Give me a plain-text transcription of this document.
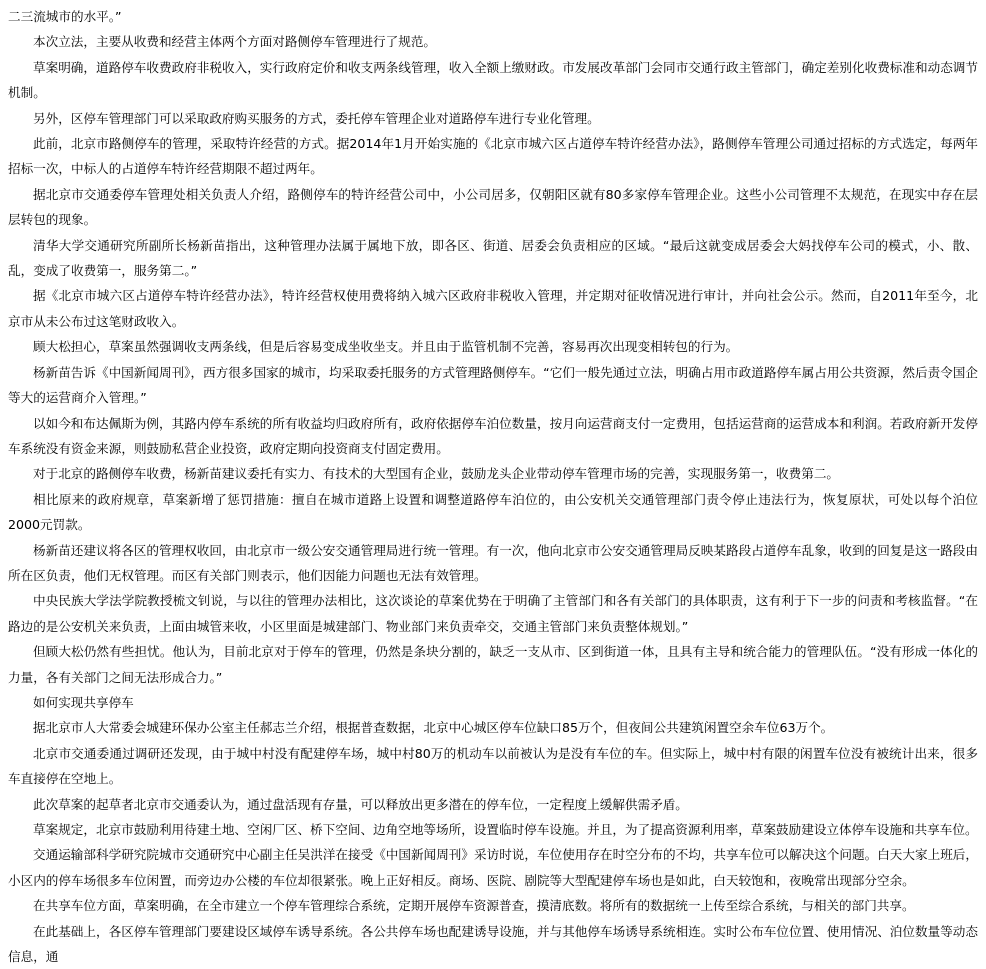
二三流城市的水平。”

本次立法，主要从收费和经营主体两个方面对路侧停车管理进行了规范。

草案明确，道路停车收费政府非税收入，实行政府定价和收支两条线管理，收入全额上缴财政。市发展改革部门会同市交通行政主管部门，确定差别化收费标准和动态调节机制。

另外，区停车管理部门可以采取政府购买服务的方式，委托停车管理企业对道路停车进行专业化管理。

此前，北京市路侧停车的管理，采取特许经营的方式。据2014年1月开始实施的《北京市城六区占道停车特许经营办法》，路侧停车管理公司通过招标的方式选定，每两年招标一次，中标人的占道停车特许经营期限不超过两年。

据北京市交通委停车管理处相关负责人介绍，路侧停车的特许经营公司中，小公司居多，仅朝阳区就有80多家停车管理企业。这些小公司管理不太规范，在现实中存在层层转包的现象。

清华大学交通研究所副所长杨新苗指出，这种管理办法属于属地下放，即各区、街道、居委会负责相应的区域。“最后这就变成居委会大妈找停车公司的模式，小、散、乱，变成了收费第一，服务第二。”

据《北京市城六区占道停车特许经营办法》，特许经营权使用费将纳入城六区政府非税收入管理，并定期对征收情况进行审计，并向社会公示。然而，自2011年至今，北京市从未公布过这笔财政收入。

顾大松担心，草案虽然强调收支两条线，但是后容易变成坐收坐支。并且由于监管机制不完善，容易再次出现变相转包的行为。

杨新苗告诉《中国新闻周刊》，西方很多国家的城市，均采取委托服务的方式管理路侧停车。“它们一般先通过立法，明确占用市政道路停车属占用公共资源，然后责令国企等大的运营商介入管理。”

以如今和布达佩斯为例，其路内停车系统的所有收益均归政府所有，政府依据停车泊位数量，按月向运营商支付一定费用，包括运营商的运营成本和利润。若政府新开发停车系统没有资金来源，则鼓励私营企业投资，政府定期向投资商支付固定费用。

对于北京的路侧停车收费，杨新苗建议委托有实力、有技术的大型国有企业，鼓励龙头企业带动停车管理市场的完善，实现服务第一，收费第二。

相比原来的政府规章，草案新增了惩罚措施：擅自在城市道路上设置和调整道路停车泊位的，由公安机关交通管理部门责令停止违法行为，恢复原状，可处以每个泊位2000元罚款。

杨新苗还建议将各区的管理权收回，由北京市一级公安交通管理局进行统一管理。有一次，他向北京市公安交通管理局反映某路段占道停车乱象，收到的回复是这一路段由所在区负责，他们无权管理。而区有关部门则表示，他们因能力问题也无法有效管理。

中央民族大学法学院教授梳文钊说，与以往的管理办法相比，这次谈论的草案优势在于明确了主管部门和各有关部门的具体职责，这有利于下一步的问责和考核监督。“在路边的是公安机关来负责，上面由城管来收，小区里面是城建部门、物业部门来负责牵交，交通主管部门来负责整体规划。”

但顾大松仍然有些担忧。他认为，目前北京对于停车的管理，仍然是条块分割的，缺乏一支从市、区到街道一体，且具有主导和统合能力的管理队伍。“没有形成一体化的力量，各有关部门之间无法形成合力。”

如何实现共享停车

据北京市人大常委会城建环保办公室主任郝志兰介绍，根据普查数据，北京中心城区停车位缺口85万个，但夜间公共建筑闲置空余车位63万个。

北京市交通委通过调研还发现，由于城中村没有配建停车场，城中村80万的机动车以前被认为是没有车位的车。但实际上，城中村有限的闲置车位没有被统计出来，很多车直接停在空地上。

此次草案的起草者北京市交通委认为，通过盘活现有存量，可以释放出更多潜在的停车位，一定程度上缓解供需矛盾。

草案规定，北京市鼓励利用待建土地、空闲厂区、桥下空间、边角空地等场所，设置临时停车设施。并且，为了提高资源利用率，草案鼓励建设立体停车设施和共享车位。

交通运输部科学研究院城市交通研究中心副主任吴洪洋在接受《中国新闻周刊》采访时说，车位使用存在时空分布的不均，共享车位可以解决这个问题。白天大家上班后，小区内的停车场很多车位闲置，而旁边办公楼的车位却很紧张。晚上正好相反。商场、医院、剧院等大型配建停车场也是如此，白天较饱和，夜晚常出现部分空余。

在共享车位方面，草案明确，在全市建立一个停车管理综合系统，定期开展停车资源普查，摸清底数。将所有的数据统一上传至综合系统，与相关的部门共享。

在此基础上，各区停车管理部门要建设区域停车诱导系统。各公共停车场也配建诱导设施，并与其他停车场诱导系统相连。实时公布车位位置、使用情况、泊位数量等动态信息，通
